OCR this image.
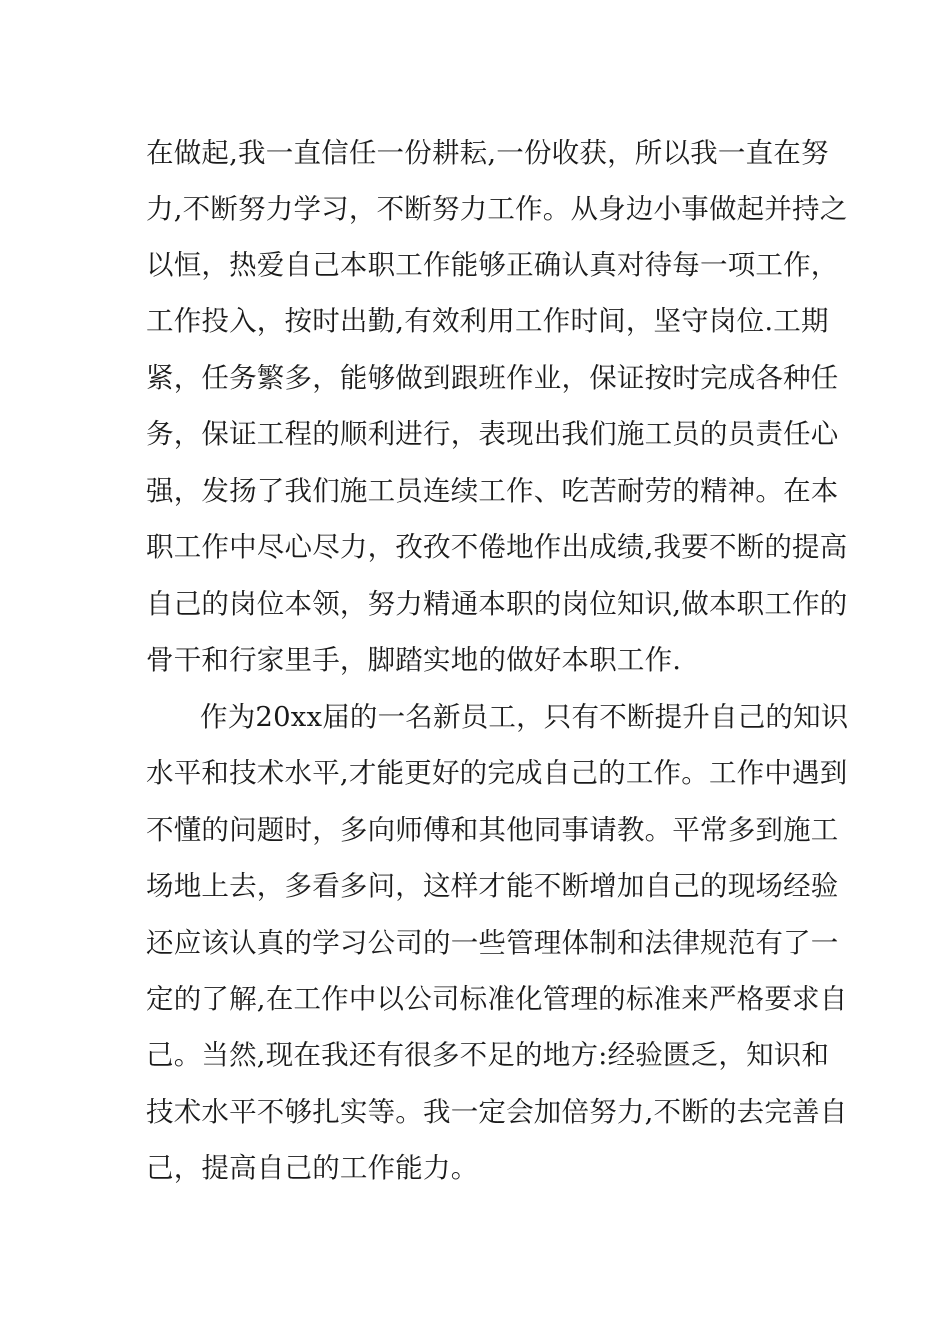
在做起,我一直信任一份耕耘,一份收获，所以我一直在努
力,不断努力学习，不断努力工作。从身边小事做起并持之
以恒，热爱自己本职工作能够正确认真对待每一项工作，
工作投入，按时出勤,有效利用工作时间，坚守岗位.工期
紧，任务繁多，能够做到跟班作业，保证按时完成各种任
务，保证工程的顺利进行，表现出我们施工员的员责任心
强，发扬了我们施工员连续工作、吃苦耐劳的精神。在本
职工作中尽心尽力，孜孜不倦地作出成绩,我要不断的提高
自己的岗位本领，努力精通本职的岗位知识,做本职工作的
骨干和行家里手，脚踏实地的做好本职工作.
作为20xx届的一名新员工，只有不断提升自己的知识
水平和技术水平,才能更好的完成自己的工作。工作中遇到
不懂的问题时，多向师傅和其他同事请教。平常多到施工
场地上去，多看多问，这样才能不断增加自己的现场经验
还应该认真的学习公司的一些管理体制和法律规范有了一
定的了解,在工作中以公司标准化管理的标准来严格要求自
己。当然,现在我还有很多不足的地方:经验匮乏，知识和
技术水平不够扎实等。我一定会加倍努力,不断的去完善自
己，提高自己的工作能力。
